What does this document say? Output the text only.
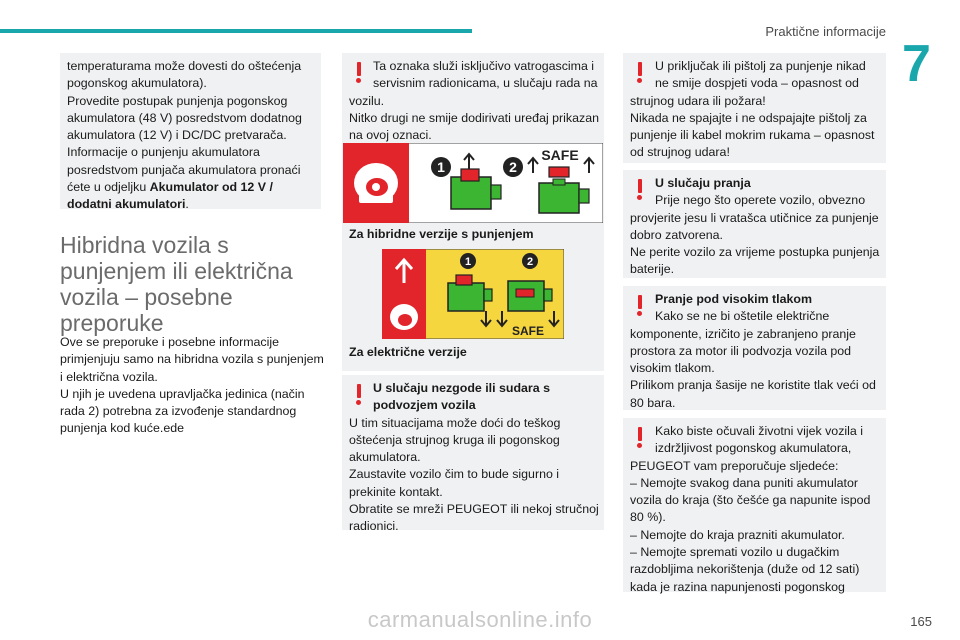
Praktične informacije
7
temperaturama može dovesti do oštećenja
pogonskog akumulatora).
Provedite postupak punjenja pogonskog
akumulatora (48 V) posredstvom dodatnog
akumulatora (12 V) i DC/DC pretvarača.
Informacije o punjenju akumulatora
posredstvom punjača akumulatora pronaći
ćete u odjeljku Akumulator od 12 V /
dodatni akumulatori.
Hibridna vozila s punjenjem ili električna vozila – posebne preporuke
Ove se preporuke i posebne informacije
primjenjuju samo na hibridna vozila s punjenjem
i električna vozila.
U njih je uvedena upravljačka jedinica (način
rada 2) potrebna za izvođenje standardnog
punjenja kod kuće.ede
Ta oznaka služi isključivo vatrogascima i
servisnim radionicama, u slučaju rada na
vozilu.
Nitko drugi ne smije dodirivati uređaj prikazan
na ovoj oznaci.
1	2
SAFE
Za hibridne verzije s punjenjem
1	2
SAFE
Za električne verzije
U slučaju nezgode ili sudara s
podvozjem vozila
U tim situacijama može doći do teškog
oštećenja strujnog kruga ili pogonskog
akumulatora.
Zaustavite vozilo čim to bude sigurno i
prekinite kontakt.
Obratite se mreži PEUGEOT ili nekoj stručnoj
radionici.
U priključak ili pištolj za punjenje nikad
ne smije dospjeti voda – opasnost od
strujnog udara ili požara!
Nikada ne spajajte i ne odspajajte pištolj za
punjenje ili kabel mokrim rukama – opasnost
od strujnog udara!
U slučaju pranja
Prije nego što operete vozilo, obvezno
provjerite jesu li vratašca utičnice za punjenje
dobro zatvorena.
Ne perite vozilo za vrijeme postupka punjenja
baterije.
Pranje pod visokim tlakom
Kako se ne bi oštetile električne
komponente, izričito je zabranjeno pranje
prostora za motor ili podvozja vozila pod
visokim tlakom.
Prilikom pranja šasije ne koristite tlak veći od
80 bara.
Kako biste očuvali životni vijek vozila i
izdržljivost pogonskog akumulatora,
PEUGEOT vam preporučuje sljedeće:
– Nemojte svakog dana puniti akumulator
vozila do kraja (što češće ga napunite ispod
80 %).
– Nemojte do kraja prazniti akumulator.
– Nemojte spremati vozilo u dugačkim
razdobljima nekorištenja (duže od 12 sati)
kada je razina napunjenosti pogonskog
carmanualsonline.info	165
